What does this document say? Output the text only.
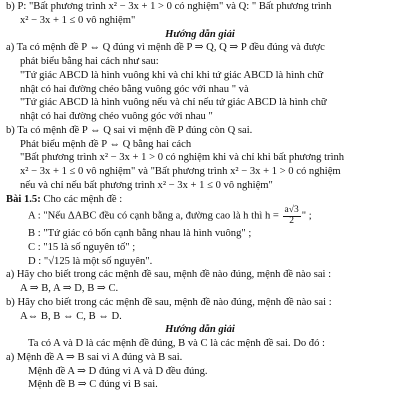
b) P: "Bất phương trình x² − 3x + 1 > 0 có nghiệm" và Q: " Bất phương trình
x² − 3x + 1 ≤ 0 vô nghiệm"
Hướng dẫn giải
a) Ta có mệnh đề P ⇔ Q đúng vì mệnh đề P ⇒ Q, Q ⇒ P đều đúng và được
phát biểu bằng hai cách như sau:
"Tứ giác ABCD là hình vuông khi và chỉ khi tứ giác ABCD là hình chữ
nhật có hai đường chéo bằng vuông góc với nhau " và
"Tứ giác ABCD là hình vuông nếu và chỉ nếu tứ giác ABCD là hình chữ
nhật có hai đường chéo vuông góc với nhau "
b) Ta có mệnh đề P ⇔ Q sai vì mệnh đề P đúng còn Q sai.
Phát biểu mệnh đề P ⇔ Q bằng hai cách
"Bất phương trình x² − 3x + 1 > 0 có nghiệm khi và chỉ khi bất phương trình
x² − 3x + 1 ≤ 0 vô nghiệm" và "Bất phương trình x² − 3x + 1 > 0 có nghiệm
nếu và chỉ nếu bất phương trình x² − 3x + 1 ≤ 0 vô nghiệm"
Bài 1.5: Cho các mệnh đề :
A : "Nếu ΔABC đều có cạnh bằng a, đường cao là h thì $h = \frac{a√3}{2}$ " ;
B : "Tứ giác có bốn cạnh bằng nhau là hình vuông" ;
C : "15 là số nguyên tố" ;
D : "√125 là một số nguyên".
a) Hãy cho biết trong các mệnh đề sau, mệnh đề nào đúng, mệnh đề nào sai :
A ⇒ B, A ⇒ D, B ⇒ C.
b) Hãy cho biết trong các mệnh đề sau, mệnh đề nào đúng, mệnh đề nào sai :
A⇔ B, B ⇔ C, B ⇔ D.
Hướng dẫn giải
Ta có A và D là các mệnh đề đúng, B và C là các mệnh đề sai. Do đó :
a) Mệnh đề A ⇒ B sai vì A đúng và B sai.
Mệnh đề A ⇒ D đúng vì A và D đều đúng.
Mệnh đề B ⇒ C đúng vì B sai.
